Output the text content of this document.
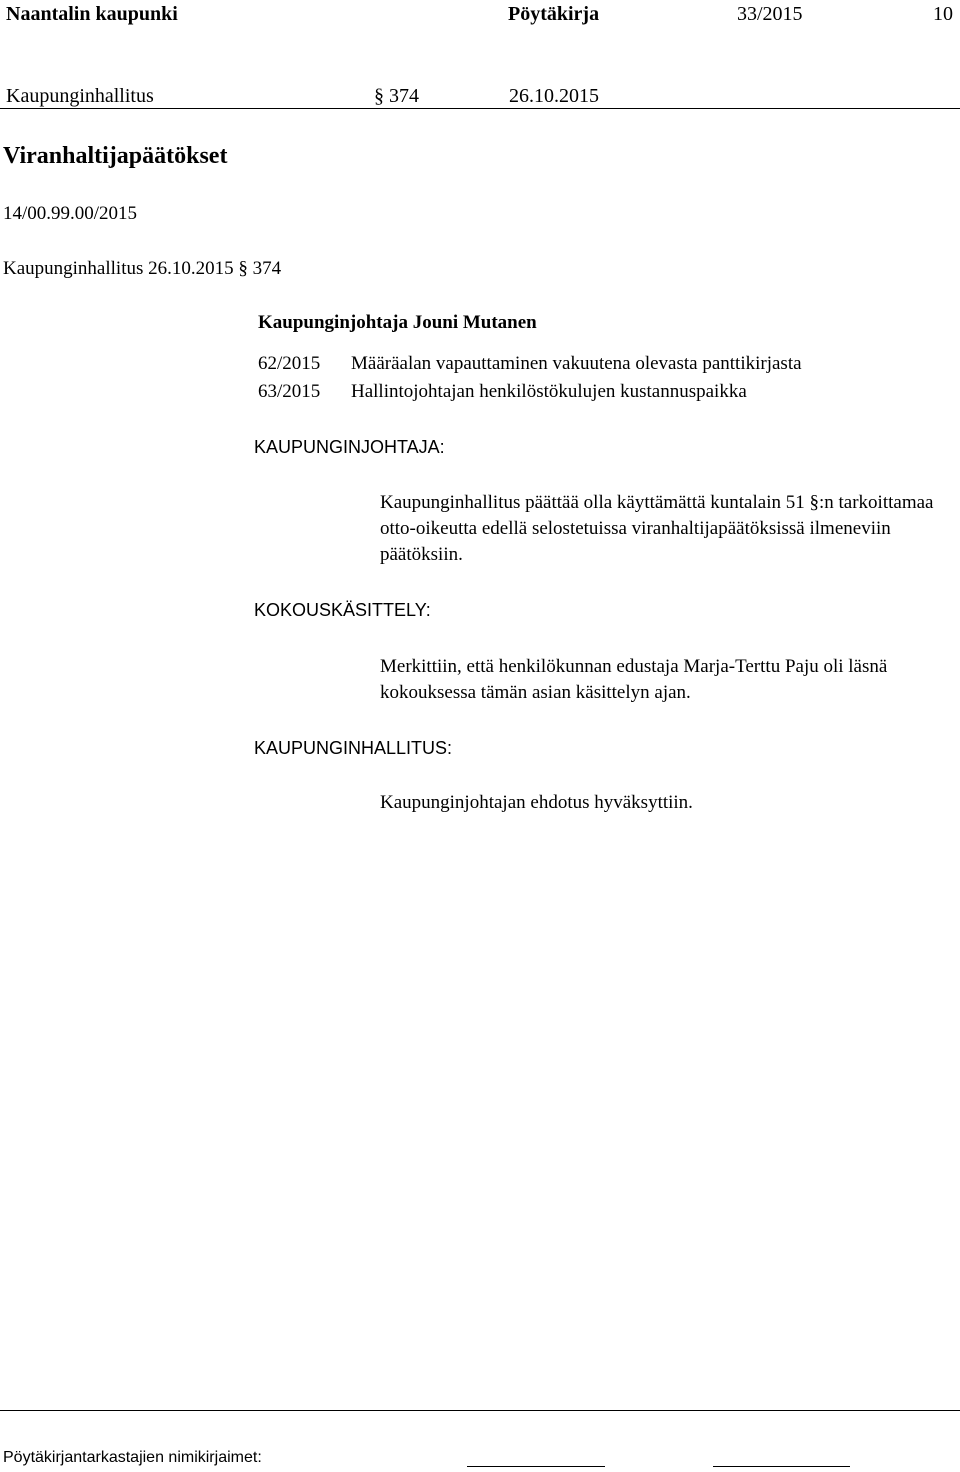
Naantalin kaupunki	Pöytäkirja	33/2015	10
Kaupunginhallitus	§ 374	26.10.2015
Viranhaltijapäätökset
14/00.99.00/2015
Kaupunginhallitus 26.10.2015 § 374
Kaupunginjohtaja Jouni Mutanen
62/2015 Määräalan vapauttaminen vakuutena olevasta panttikirjasta
63/2015 Hallintojohtajan henkilöstökulujen kustannuspaikka
KAUPUNGINJOHTAJA:
Kaupunginhallitus päättää olla käyttämättä kuntalain 51 §:n tarkoittamaa otto-oikeutta edellä selostetuissa viranhaltijapäätöksissä ilmeneviin päätöksiin.
KOKOUSKÄSITTELY:
Merkittiin, että henkilökunnan edustaja Marja-Terttu Paju oli läsnä kokouksessa tämän asian käsittelyn ajan.
KAUPUNGINHALLITUS:
Kaupunginjohtajan ehdotus hyväksyttiin.
Pöytäkirjantarkastajien nimikirjaimet:
